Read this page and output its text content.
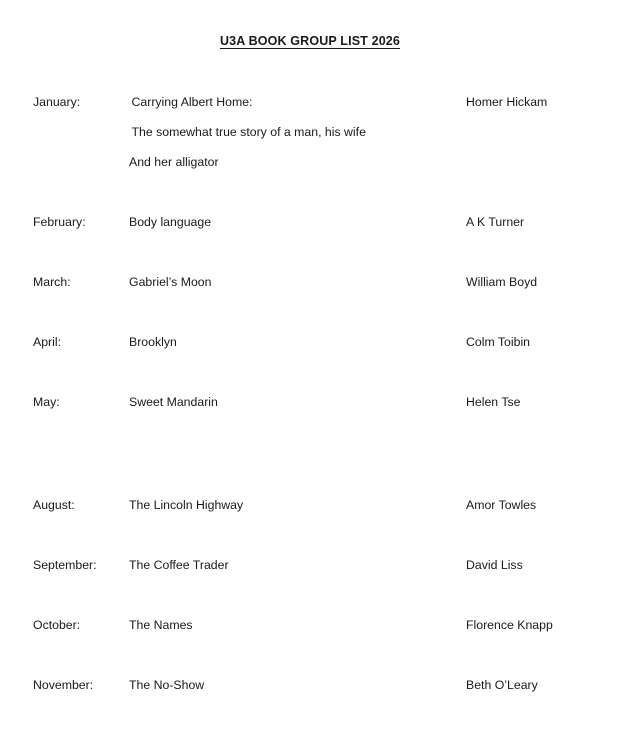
U3A BOOK GROUP LIST 2026
January:	Carrying Albert Home:	Homer Hickam
The somewhat true story of a man, his wife
And her alligator
February:	Body language	A K Turner
March:	Gabriel’s Moon	William Boyd
April:	Brooklyn	Colm Toibin
May:	Sweet Mandarin	Helen Tse
August:	The Lincoln Highway	Amor Towles
September:	The Coffee Trader	David Liss
October:	The Names	Florence Knapp
November:	The No-Show	Beth O’Leary
